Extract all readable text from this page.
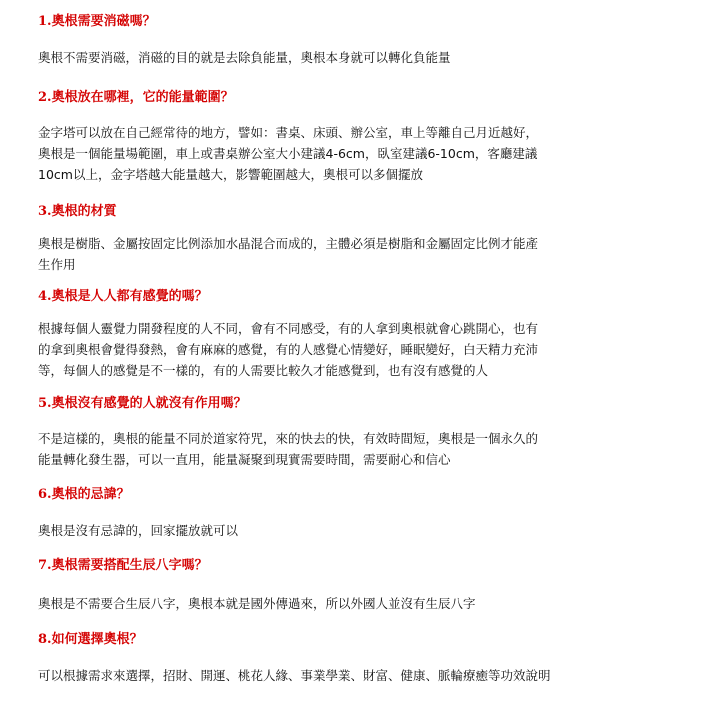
1.奧根需要消磁嗎？

奧根不需要消磁，消磁的目的就是去除負能量，奧根本身就可以轉化負能量

2.奧根放在哪裡，它的能量範圍？

金字塔可以放在自己經常待的地方，譬如：書桌、床頭、辦公室，車上等離自己月近越好，
奧根是一個能量場範圍，車上或書桌辦公室大小建議4-6cm，臥室建議6-10cm，客廳建議
10cm以上，金字塔越大能量越大，影響範圍越大，奧根可以多個擺放

3.奧根的材質

奧根是樹脂、金屬按固定比例添加水晶混合而成的，主體必須是樹脂和金屬固定比例才能產
生作用

4.奧根是人人都有感覺的嗎？

根據每個人靈覺力開發程度的人不同，會有不同感受，有的人拿到奧根就會心跳開心，也有
的拿到奧根會覺得發熱，會有麻麻的感覺，有的人感覺心情變好，睡眠變好，白天精力充沛
等，每個人的感覺是不一樣的，有的人需要比較久才能感覺到，也有沒有感覺的人

5.奧根沒有感覺的人就沒有作用嗎？

不是這樣的，奧根的能量不同於道家符咒，來的快去的快，有效時間短，奧根是一個永久的
能量轉化發生器，可以一直用，能量凝聚到現實需要時間，需要耐心和信心

6.奧根的忌諱？

奧根是沒有忌諱的，回家擺放就可以

7.奧根需要搭配生辰八字嗎？

奧根是不需要合生辰八字，奧根本就是國外傳過來，所以外國人並沒有生辰八字

8.如何選擇奧根？

可以根據需求來選擇，招財、開運、桃花人緣、事業學業、財富、健康、脈輪療癒等功效說明
